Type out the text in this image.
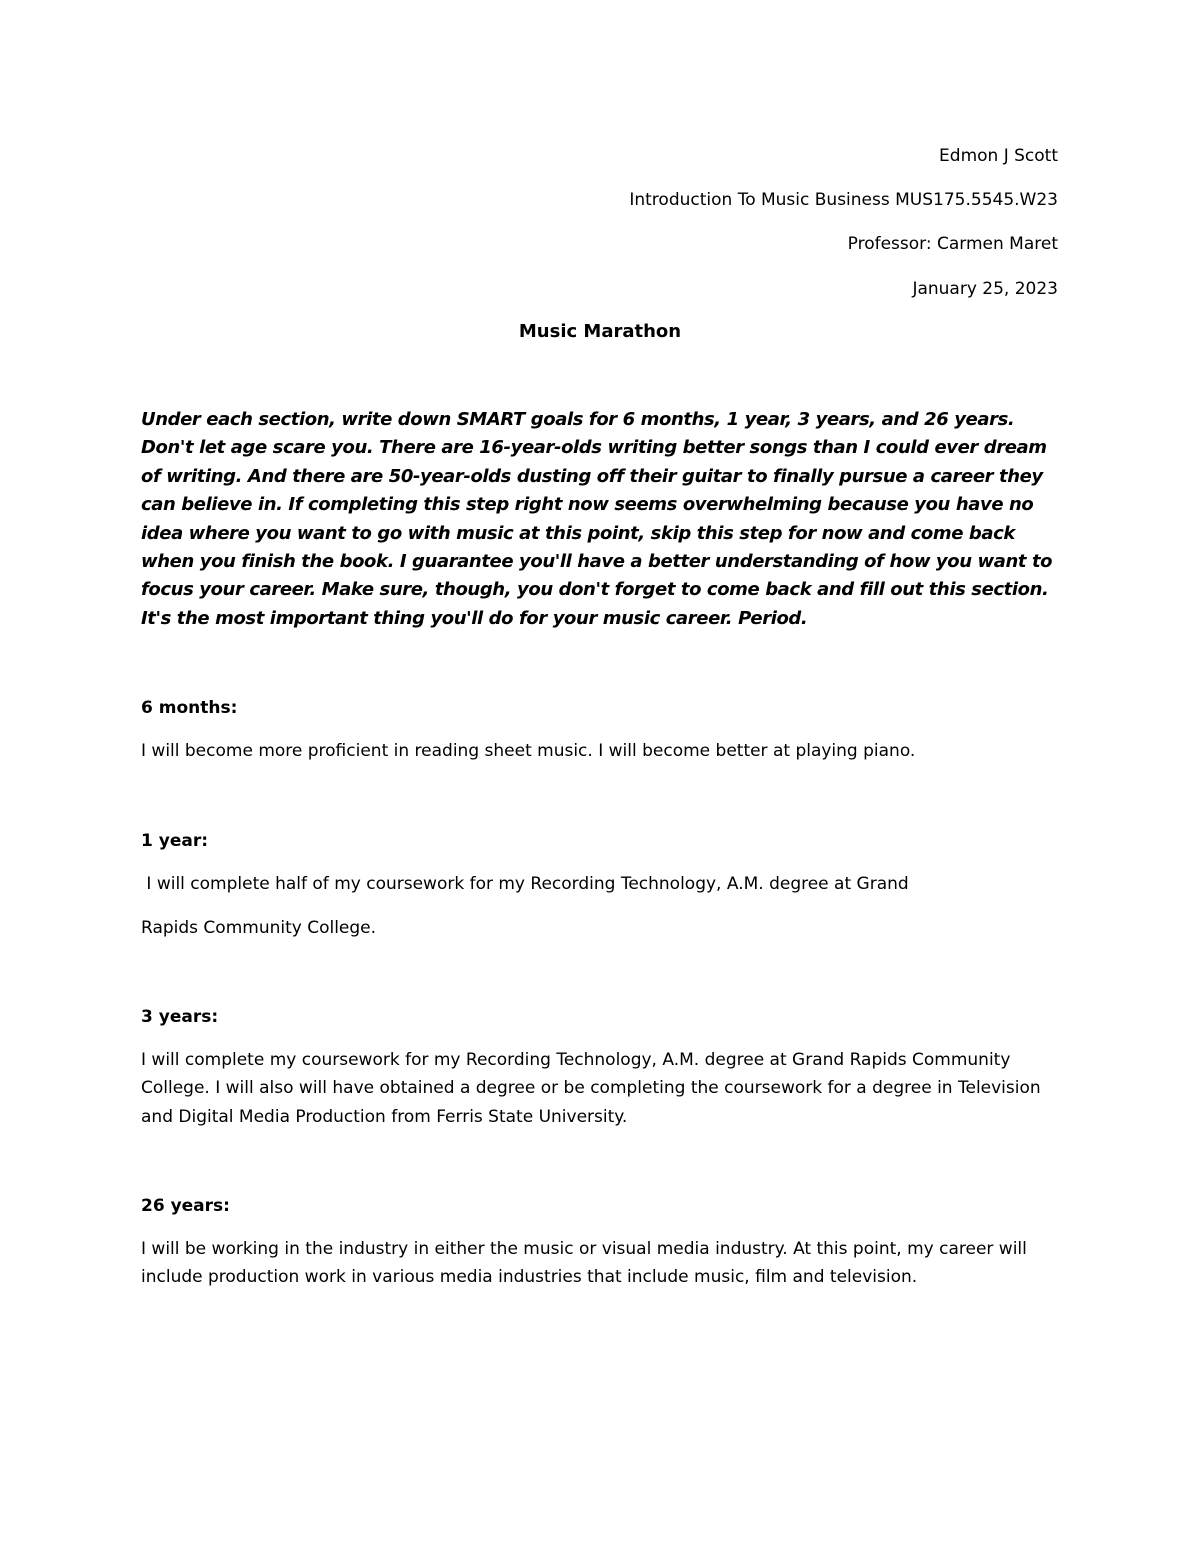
Edmon J Scott
Introduction To Music Business MUS175.5545.W23
Professor: Carmen Maret
January 25, 2023
Music Marathon

Under each section, write down SMART goals for 6 months, 1 year, 3 years, and 26 years. Don't let age scare you. There are 16-year-olds writing better songs than I could ever dream of writing. And there are 50-year-olds dusting off their guitar to finally pursue a career they can believe in. If completing this step right now seems overwhelming because you have no idea where you want to go with music at this point, skip this step for now and come back when you finish the book. I guarantee you'll have a better understanding of how you want to focus your career. Make sure, though, you don't forget to come back and fill out this section. It's the most important thing you'll do for your music career. Period.

6 months:

I will become more proficient in reading sheet music. I will become better at playing piano.

1 year:

I will complete half of my coursework for my Recording Technology, A.M. degree at Grand

Rapids Community College.

3 years:

I will complete my coursework for my Recording Technology, A.M. degree at Grand Rapids Community College. I will also will have obtained a degree or be completing the coursework for a degree in Television and Digital Media Production from Ferris State University.

26 years:

I will be working in the industry in either the music or visual media industry. At this point, my career will include production work in various media industries that include music, film and television.
